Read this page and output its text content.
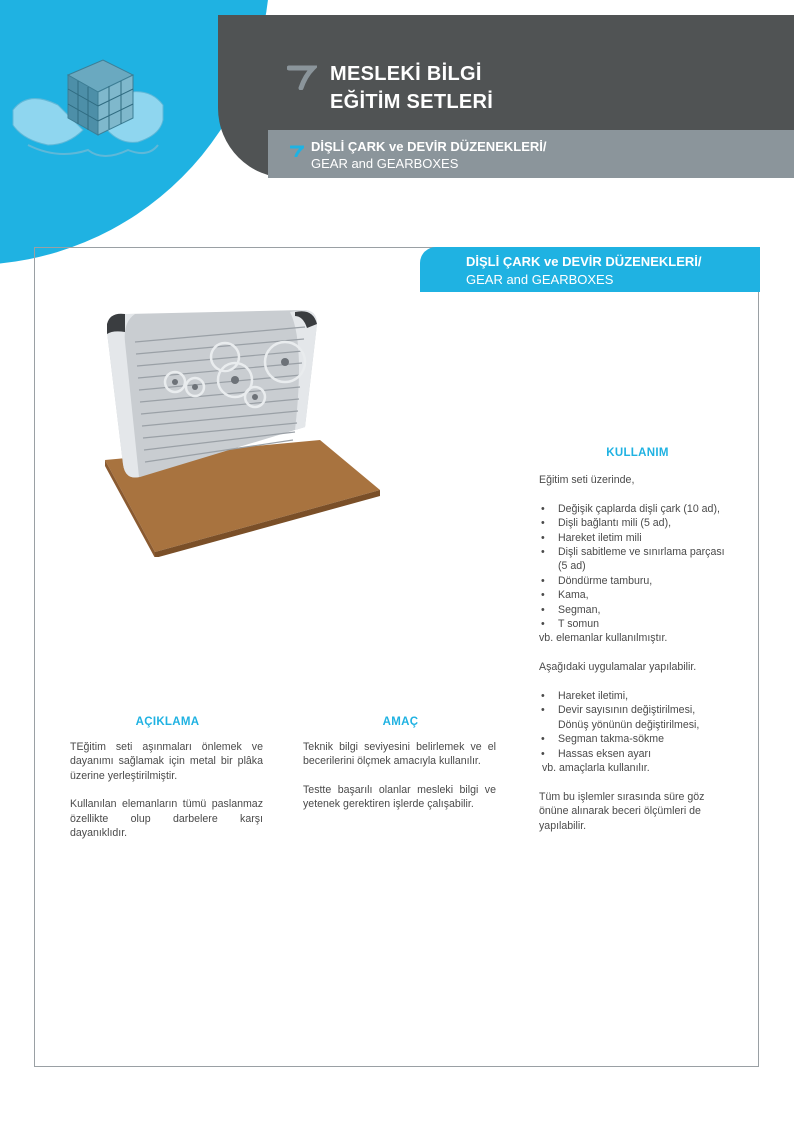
MESLEKİ BİLGİ
EĞİTİM SETLERİ
DİŞLİ ÇARK ve DEVİR DÜZENEKLERİ/
GEAR and GEARBOXES
DİŞLİ ÇARK ve DEVİR DÜZENEKLERİ/
GEAR and GEARBOXES
AÇIKLAMA

TEğitim seti aşınmaları önlemek ve dayanımı sağlamak için metal bir plâka üzerine yerleştirilmiştir.

Kullanılan elemanların tümü paslanmaz özellikte olup darbelere karşı dayanıklıdır.

AMAÇ

Teknik bilgi seviyesini belirlemek ve el becerilerini ölçmek amacıyla kullanılır.

Testte başarılı olanlar mesleki bilgi ve yetenek gerektiren işlerde çalışabilir.

KULLANIM
Eğitim seti üzerinde,
• Değişik çaplarda dişli çark (10 ad),
• Dişli bağlantı mili (5 ad),
• Hareket iletim mili
• Dişli sabitleme ve sınırlama parçası (5 ad)
• Döndürme tamburu,
• Kama,
• Segman,
• T somun
vb. elemanlar kullanılmıştır.
Aşağıdaki uygulamalar yapılabilir.
• Hareket iletimi,
• Devir sayısının değiştirilmesi,
Dönüş yönünün değiştirilmesi,
• Segman takma-sökme
• Hassas eksen ayarı
vb. amaçlarla kullanılır.
Tüm bu işlemler sırasında süre göz önüne alınarak beceri ölçümleri de yapılabilir.
